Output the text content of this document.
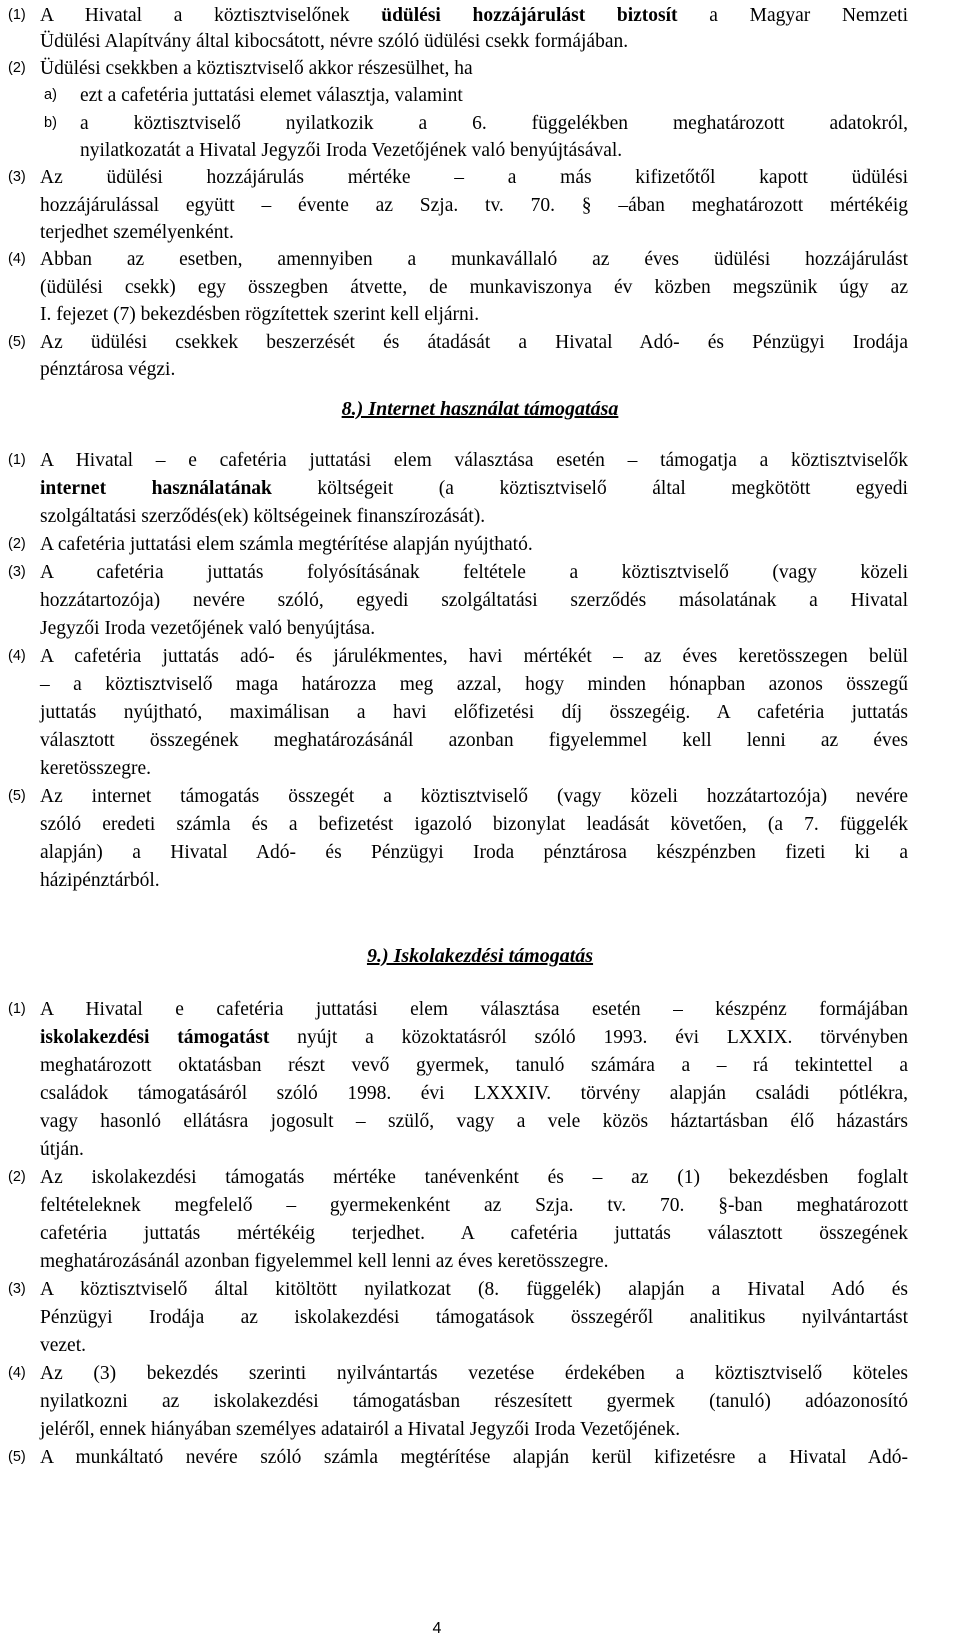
(1) A Hivatal a köztisztviselőnek üdülési hozzájárulást biztosít a Magyar Nemzeti
Üdülési Alapítvány által kibocsátott, névre szóló üdülési csekk formájában.
(2) Üdülési csekkben a köztisztviselő akkor részesülhet, ha
a) ezt a cafetéria juttatási elemet választja, valamint
b) a köztisztviselő nyilatkozik a 6. függelékben meghatározott adatokról,
nyilatkozatát a Hivatal Jegyzői Iroda Vezetőjének való benyújtásával.
(3) Az üdülési hozzájárulás mértéke – a más kifizetőtől kapott üdülési
hozzájárulással együtt – évente az Szja. tv. 70. § –ában meghatározott mértékéig
terjedhet személyenként.
(4) Abban az esetben, amennyiben a munkavállaló az éves üdülési hozzájárulást
(üdülési csekk) egy összegben átvette, de munkaviszonya év közben megszünik úgy az
I. fejezet (7) bekezdésben rögzítettek szerint kell eljárni.
(5) Az üdülési csekkek beszerzését és átadását a Hivatal Adó- és Pénzügyi Irodája
pénztárosa végzi.
(1) A Hivatal – e cafetéria juttatási elem választása esetén – támogatja a köztisztviselők
internet használatának költségeit (a köztisztviselő által megkötött egyedi
szolgáltatási szerződés(ek) költségeinek finanszírozását).
(2) A cafetéria juttatási elem számla megtérítése alapján nyújtható.
(3) A cafetéria juttatás folyósításának feltétele a köztisztviselő (vagy közeli
hozzátartozója) nevére szóló, egyedi szolgáltatási szerződés másolatának a Hivatal
Jegyzői Iroda vezetőjének való benyújtása.
(4) A cafetéria juttatás adó- és járulékmentes, havi mértékét – az éves keretösszegen belül
– a köztisztviselő maga határozza meg azzal, hogy minden hónapban azonos összegű
juttatás nyújtható, maximálisan a havi előfizetési díj összegéig. A cafetéria juttatás
választott összegének meghatározásánál azonban figyelemmel kell lenni az éves
keretösszegre.
(5) Az internet támogatás összegét a köztisztviselő (vagy közeli hozzátartozója) nevére
szóló eredeti számla és a befizetést igazoló bizonylat leadását követően, (a 7. függelék
alapján) a Hivatal Adó- és Pénzügyi Iroda pénztárosa készpénzben fizeti ki a
házipénztárból.
(1) A Hivatal e cafetéria juttatási elem választása esetén – készpénz formájában
iskolakezdési támogatást nyújt a közoktatásról szóló 1993. évi LXXIX. törvényben
meghatározott oktatásban részt vevő gyermek, tanuló számára a – rá tekintettel a
családok támogatásáról szóló 1998. évi LXXXIV. törvény alapján családi pótlékra,
vagy hasonló ellátásra jogosult – szülő, vagy a vele közös háztartásban élő házastárs
útján.
(2) Az iskolakezdési támogatás mértéke tanévenként és – az (1) bekezdésben foglalt
feltételeknek megfelelő – gyermekenként az Szja. tv. 70. §-ban meghatározott
cafetéria juttatás mértékéig terjedhet. A cafetéria juttatás választott összegének
meghatározásánál azonban figyelemmel kell lenni az éves keretösszegre.
(3) A köztisztviselő által kitöltött nyilatkozat (8. függelék) alapján a Hivatal Adó és
Pénzügyi Irodája az iskolakezdési támogatások összegéről analitikus nyilvántartást
vezet.
(4) Az (3) bekezdés szerinti nyilvántartás vezetése érdekében a köztisztviselő köteles
nyilatkozni az iskolakezdési támogatásban részesített gyermek (tanuló) adóazonosító
jeléről, ennek hiányában személyes adatairól a Hivatal Jegyzői Iroda Vezetőjének.
(5) A munkáltató nevére szóló számla megtérítése alapján kerül kifizetésre a Hivatal Adó-
8.) Internet használat támogatása
9.) Iskolakezdési támogatás
4
